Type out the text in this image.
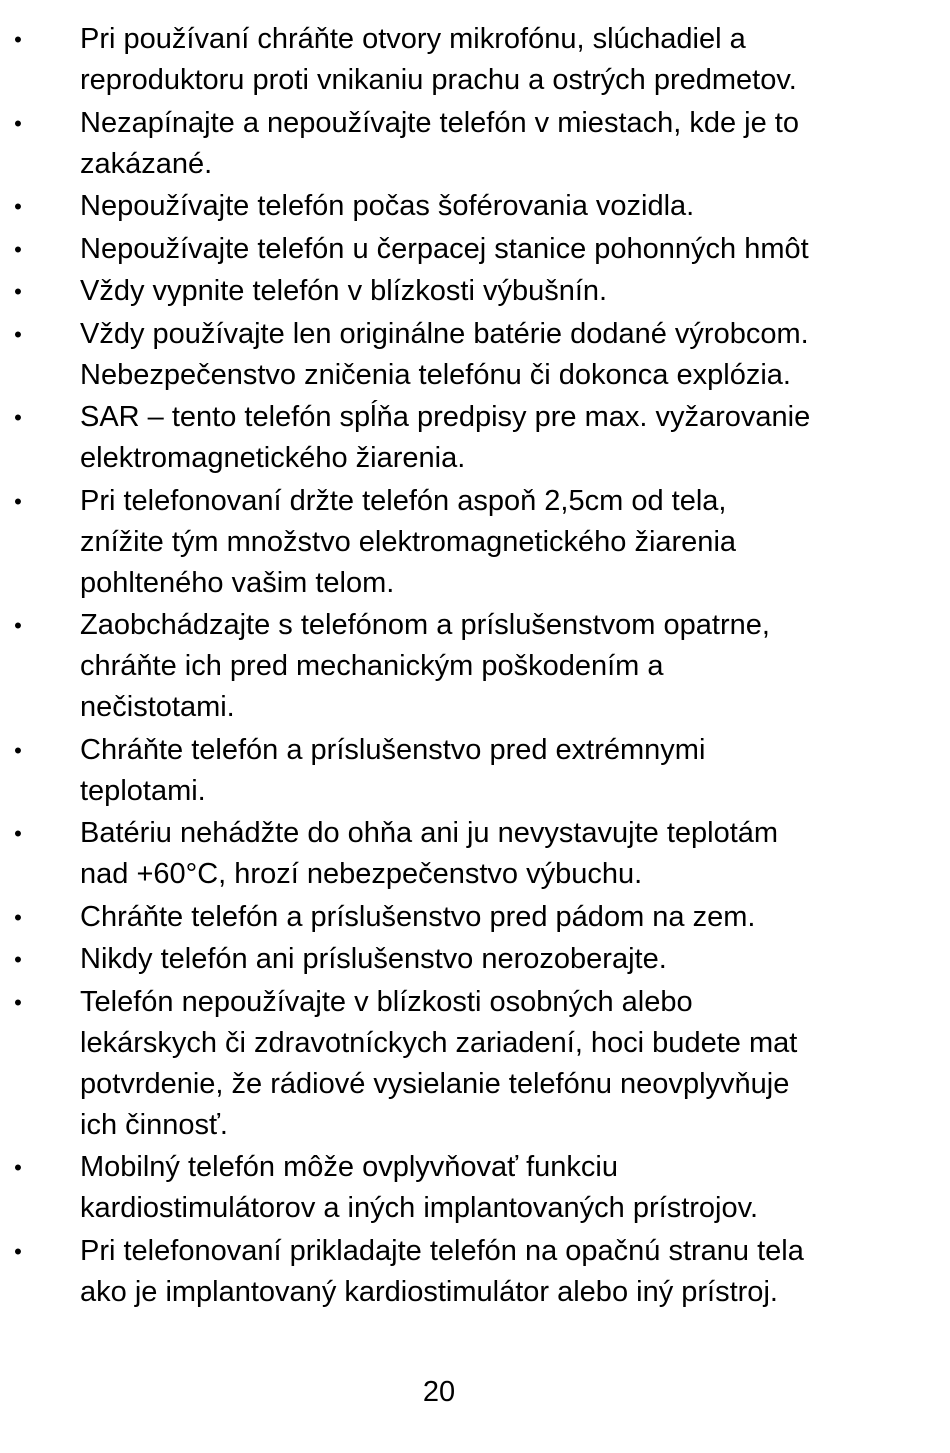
• Pri používaní chráňte otvory mikrofónu, slúchadiel a
reproduktoru proti vnikaniu prachu a ostrých predmetov.
• Nezapínajte a nepoužívajte telefón v miestach, kde je to
zakázané.
• Nepoužívajte telefón počas šoférovania vozidla.
• Nepoužívajte telefón u čerpacej stanice pohonných hmôt
• Vždy vypnite telefón v blízkosti výbušnín.
• Vždy používajte len originálne batérie dodané výrobcom.
Nebezpečenstvo zničenia telefónu či dokonca explózia.
• SAR – tento telefón spĺňa predpisy pre max. vyžarovanie
elektromagnetického žiarenia.
• Pri telefonovaní držte telefón aspoň 2,5cm od tela,
znížite tým množstvo elektromagnetického žiarenia
pohlteného vašim telom.
• Zaobchádzajte s telefónom a príslušenstvom opatrne,
chráňte ich pred mechanickým poškodením a
nečistotami.
• Chráňte telefón a príslušenstvo pred extrémnymi
teplotami.
• Batériu nehádžte do ohňa ani ju nevystavujte teplotám
nad +60°C, hrozí nebezpečenstvo výbuchu.
• Chráňte telefón a príslušenstvo pred pádom na zem.
• Nikdy telefón ani príslušenstvo nerozoberajte.
• Telefón nepoužívajte v blízkosti osobných alebo
lekárskych či zdravotníckych zariadení, hoci budete mat
potvrdenie, že rádiové vysielanie telefónu neovplyvňuje
ich činnosť.
• Mobilný telefón môže ovplyvňovať funkciu
kardiostimulátorov a iných implantovaných prístrojov.
• Pri telefonovaní prikladajte telefón na opačnú stranu tela
ako je implantovaný kardiostimulátor alebo iný prístroj.
20
